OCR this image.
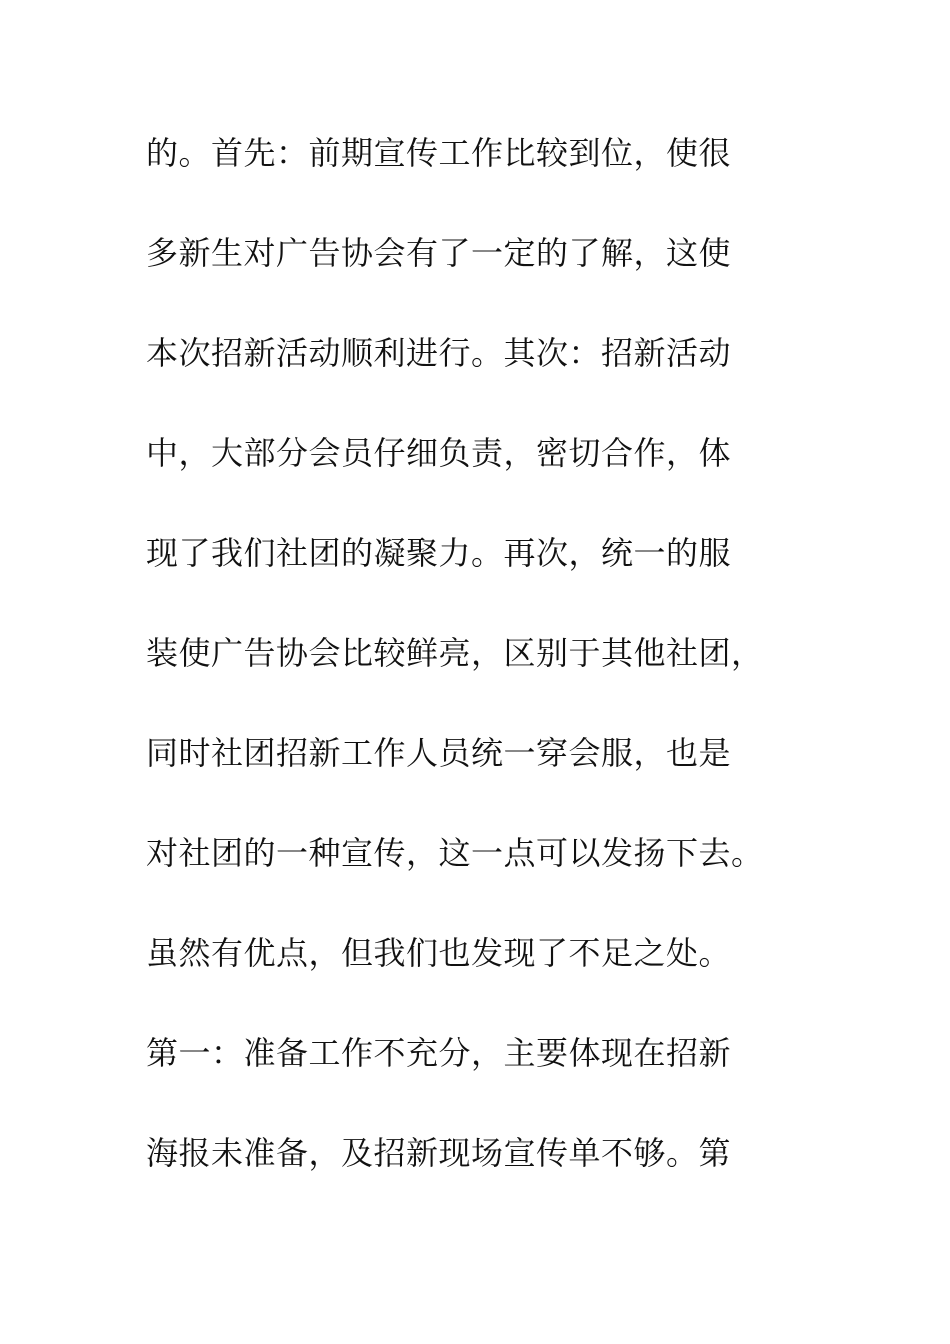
的。首先：前期宣传工作比较到位，使很
多新生对广告协会有了一定的了解，这使
本次招新活动顺利进行。其次：招新活动
中，大部分会员仔细负责，密切合作，体
现了我们社团的凝聚力。再次，统一的服
装使广告协会比较鲜亮，区别于其他社团，
同时社团招新工作人员统一穿会服，也是
对社团的一种宣传，这一点可以发扬下去。
虽然有优点，但我们也发现了不足之处。
第一：准备工作不充分，主要体现在招新
海报未准备，及招新现场宣传单不够。第
